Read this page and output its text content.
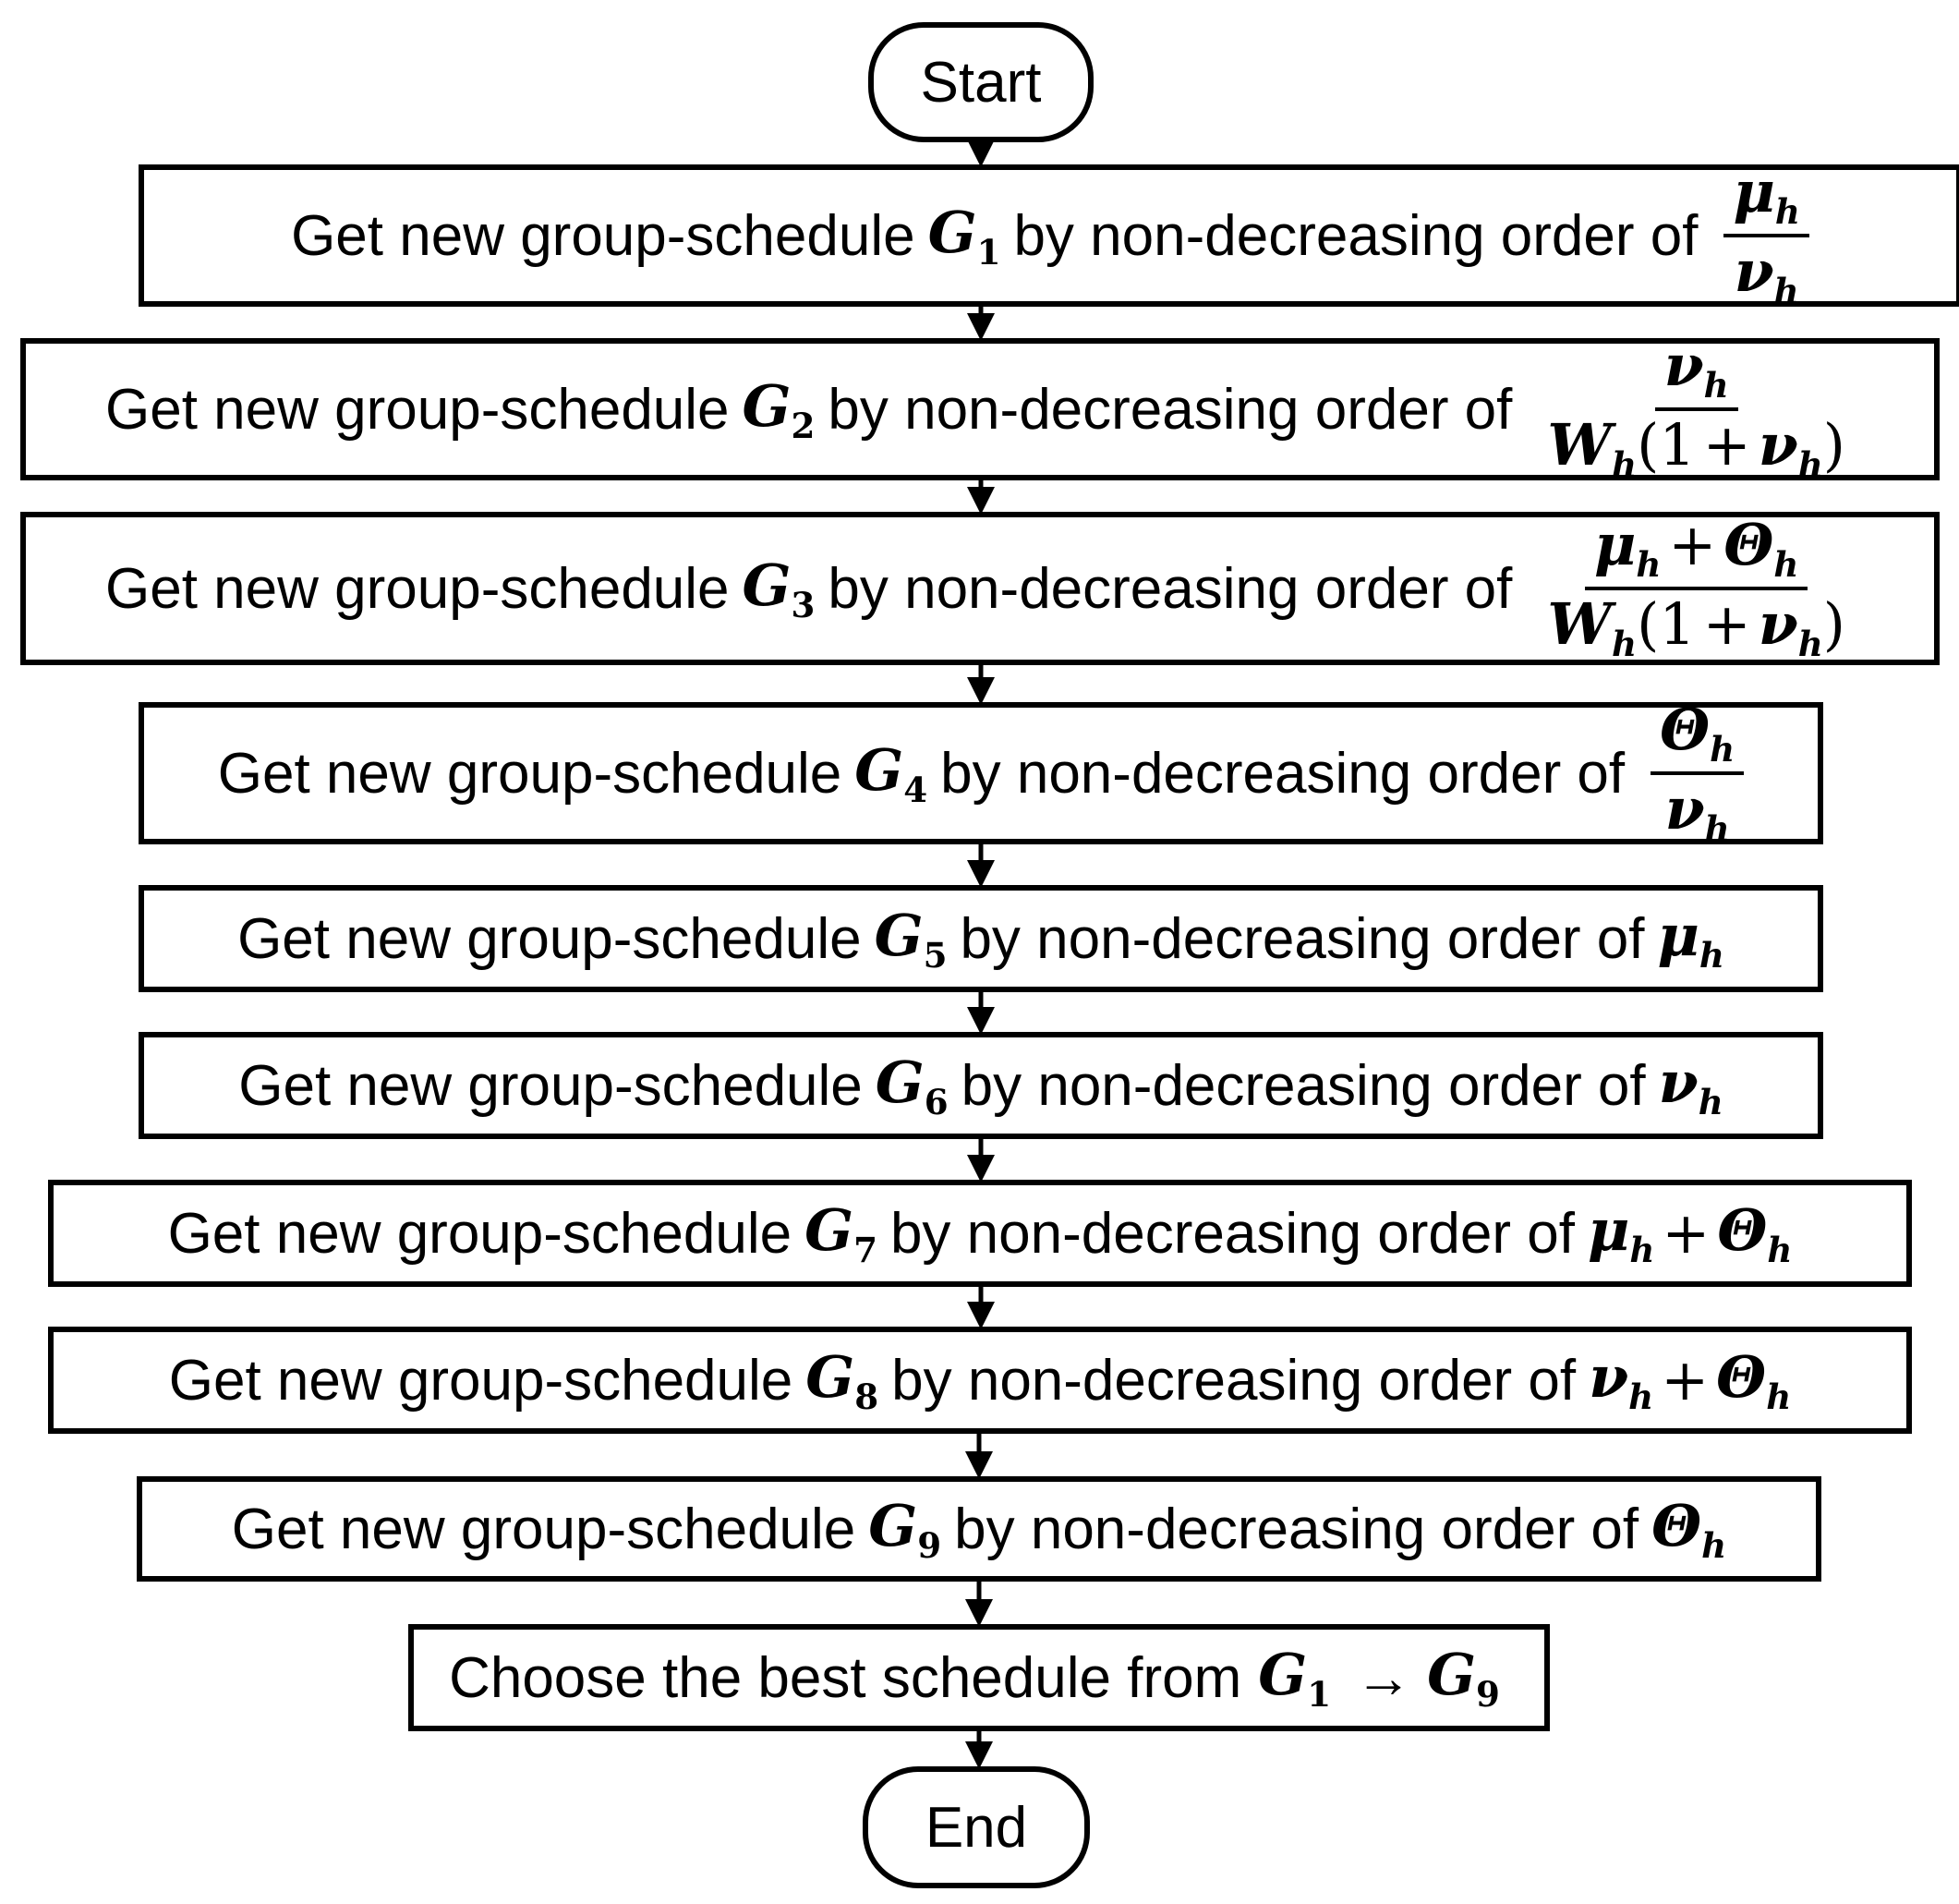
Start
Get new group-schedule $G_1$ by non-decreasing order of $\frac{\mu_h}{\nu_h}$
Get new group-schedule $G_2$ by non-decreasing order of $\frac{\nu_h}{W_h(1 + \nu_h)}$
Get new group-schedule $G_3$ by non-decreasing order of $\frac{\mu_h + \Theta_h}{W_h(1 + \nu_h)}$
Get new group-schedule $G_4$ by non-decreasing order of $\frac{\Theta_h}{\nu_h}$
Get new group-schedule $G_5$ by non-decreasing order of $\mu_h$
Get new group-schedule $G_6$ by non-decreasing order of $\nu_h$
Get new group-schedule $G_7$ by non-decreasing order of $\mu_h + \Theta_h$
Get new group-schedule $G_8$ by non-decreasing order of $\nu_h + \Theta_h$
Get new group-schedule $G_9$ by non-decreasing order of $\Theta_h$
Choose the best schedule from $G_1 \to G_9$
End
